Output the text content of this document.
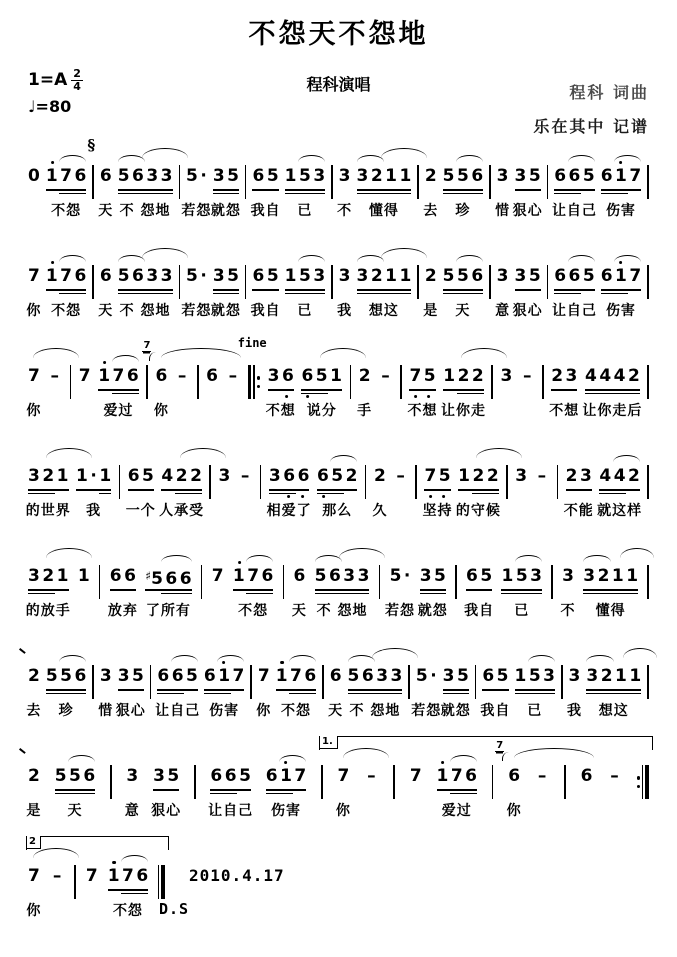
不怨天不怨地
程科演唱
$1=A \frac{2}{4}$
♩=80
程科 词曲
乐在其中 记谱
0 176
不怨
§
6
天
5633
不 怨地
5·
若怨
35
就怨
65
我自
153
已
3
不
3211
懂得
2
去
556
珍
3
惜
35
狠心
665
让自己
617
伤害
7
你
176
不怨
6
天
5633
不 怨地
5·
若怨
35
就怨
65
我自
153
已
3
我
3211
想这
2
是
556
天
3
意
35
狠心
665
让自己
617
伤害
7
你
– 7 176
爱过
7
6
你
– 6 –
fine
36
不想
651
说分
2
手
– 75
不想
122
让你走
3 – 23
不想
4442
让你走后
321
的世界
1·1
我
65
一个
422
人承受
3 – 366
相爱了
652
那么
2
久
– 75
坚持
122
的守候
3 – 23
不能
442
就这样
321
的放手
1 66
放弃
♯566
了所有
7 176
不怨
6
天
5633
不 怨地
5·
若怨
35
就怨
65
我自
153
已
3
不
3211
懂得
2
去
556
珍
3
惜
35
狠心
665
让自己
617
伤害
7
你
176
不怨
6
天
5633
不 怨地
5·
若怨
35
就怨
65
我自
153
已
3
我
3211
想这
2
是
556
天
3
意
35
狠心
665
让自己
617
伤害
7
你
– 7 176
爱过
7
6
你
– 6 –
1.
7
你
– 7 176
不怨
2010.4.17
D.S
2
